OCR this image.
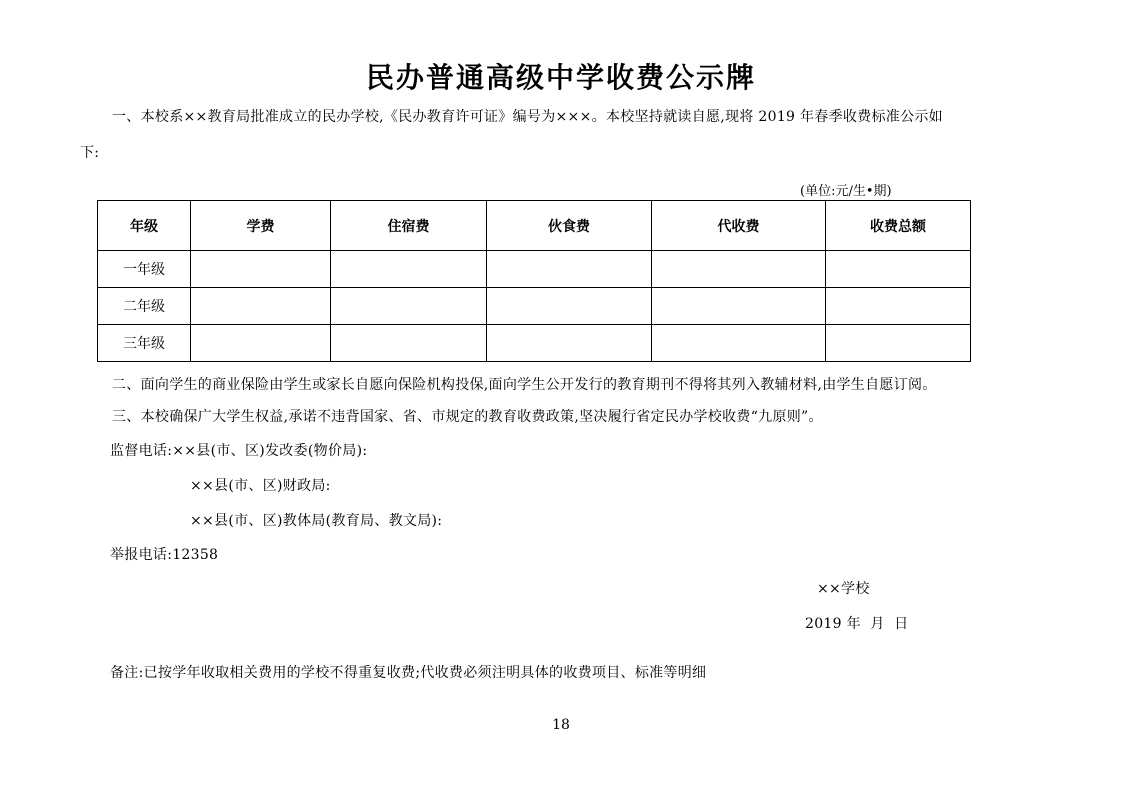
民办普通高级中学收费公示牌
一、本校系××教育局批准成立的民办学校,《民办教育许可证》编号为×××。本校坚持就读自愿,现将 2019 年春季收费标准公示如
下:
(单位:元/生•期)
年级	学费	住宿费	伙食费	代收费	收费总额
一年级					
二年级					
三年级					
二、面向学生的商业保险由学生或家长自愿向保险机构投保,面向学生公开发行的教育期刊不得将其列入教辅材料,由学生自愿订阅。
三、本校确保广大学生权益,承诺不违背国家、省、市规定的教育收费政策,坚决履行省定民办学校收费“九原则”。
监督电话:××县(市、区)发改委(物价局):
××县(市、区)财政局:
××县(市、区)教体局(教育局、教文局):
举报电话:12358
××学校
2019 年  月  日
备注:已按学年收取相关费用的学校不得重复收费;代收费必须注明具体的收费项目、标准等明细
18
